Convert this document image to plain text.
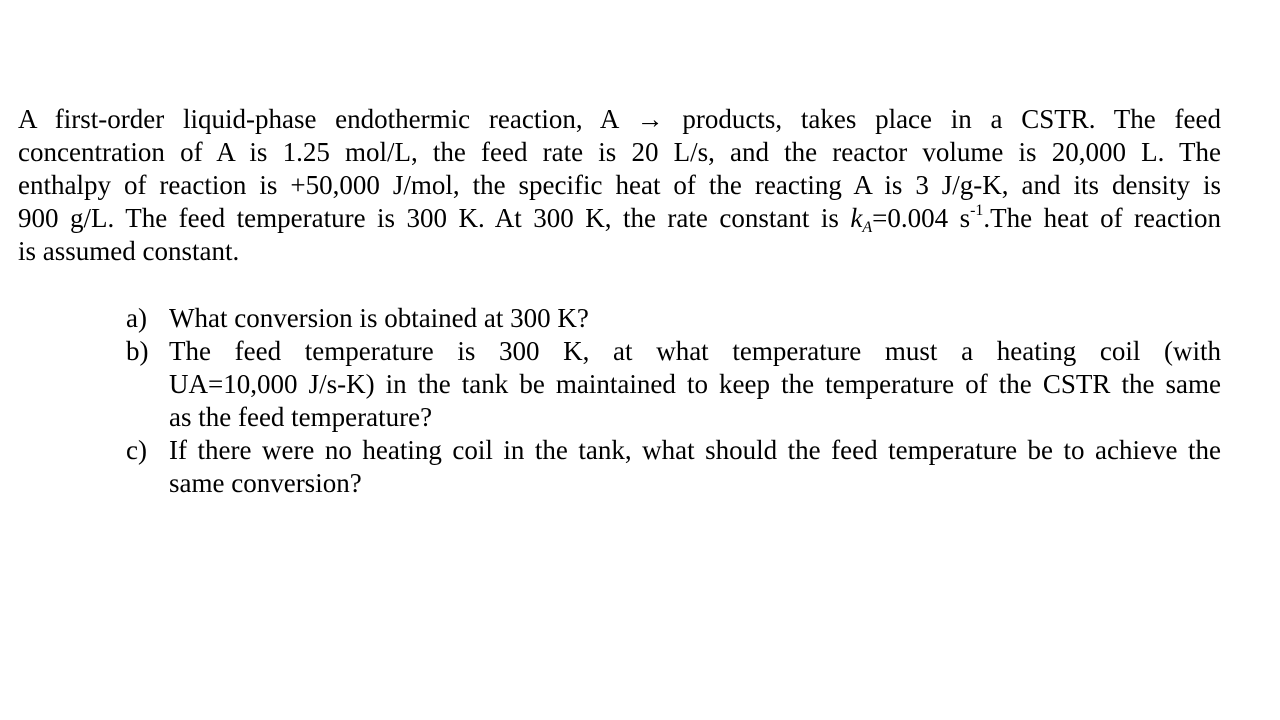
A first-order liquid-phase endothermic reaction, A → products, takes place in a CSTR. The feed
concentration of A is 1.25 mol/L, the feed rate is 20 L/s, and the reactor volume is 20,000 L. The
enthalpy of reaction is +50,000 J/mol, the specific heat of the reacting A is 3 J/g-K, and its density is
900 g/L. The feed temperature is 300 K. At 300 K, the rate constant is $k_A=0.004$ $s^{-1}.The$ heat of reaction
is assumed constant.

a) What conversion is obtained at 300 K?
b) The feed temperature is 300 K, at what temperature must a heating coil (with
UA=10,000 J/s-K) in the tank be maintained to keep the temperature of the CSTR the same
as the feed temperature?
c) If there were no heating coil in the tank, what should the feed temperature be to achieve the
same conversion?
